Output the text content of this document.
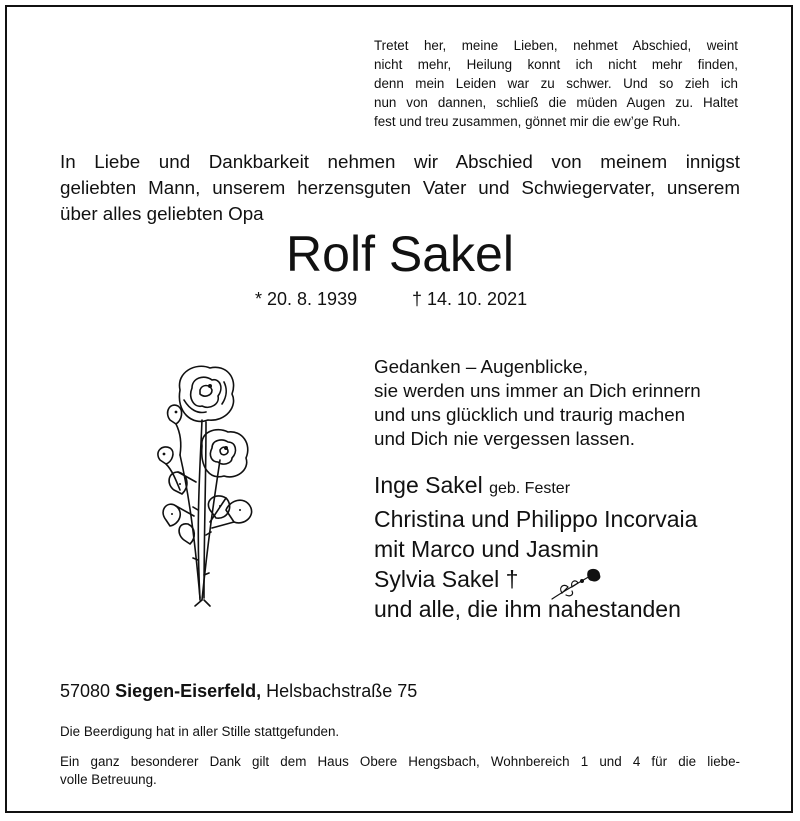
Tretet her, meine Lieben, nehmet Abschied, weint
nicht mehr, Heilung konnt ich nicht mehr finden,
denn mein Leiden war zu schwer. Und so zieh ich
nun von dannen, schließ die müden Augen zu. Haltet
fest und treu zusammen, gönnet mir die ew’ge Ruh.
In Liebe und Dankbarkeit nehmen wir Abschied von meinem innigst
geliebten Mann, unserem herzensguten Vater und Schwiegervater, unserem
über alles geliebten Opa
Rolf Sakel
* 20. 8. 1939	† 14. 10. 2021
Gedanken – Augenblicke,
sie werden uns immer an Dich erinnern
und uns glücklich und traurig machen
und Dich nie vergessen lassen.
Inge Sakel geb. Fester
Christina und Philippo Incorvaia
mit Marco und Jasmin
Sylvia Sakel †
und alle, die ihm nahestanden
57080 Siegen-Eiserfeld, Helsbachstraße 75
Die Beerdigung hat in aller Stille stattgefunden.
Ein ganz besonderer Dank gilt dem Haus Obere Hengsbach, Wohnbereich 1 und 4 für die liebe-
volle Betreuung.
